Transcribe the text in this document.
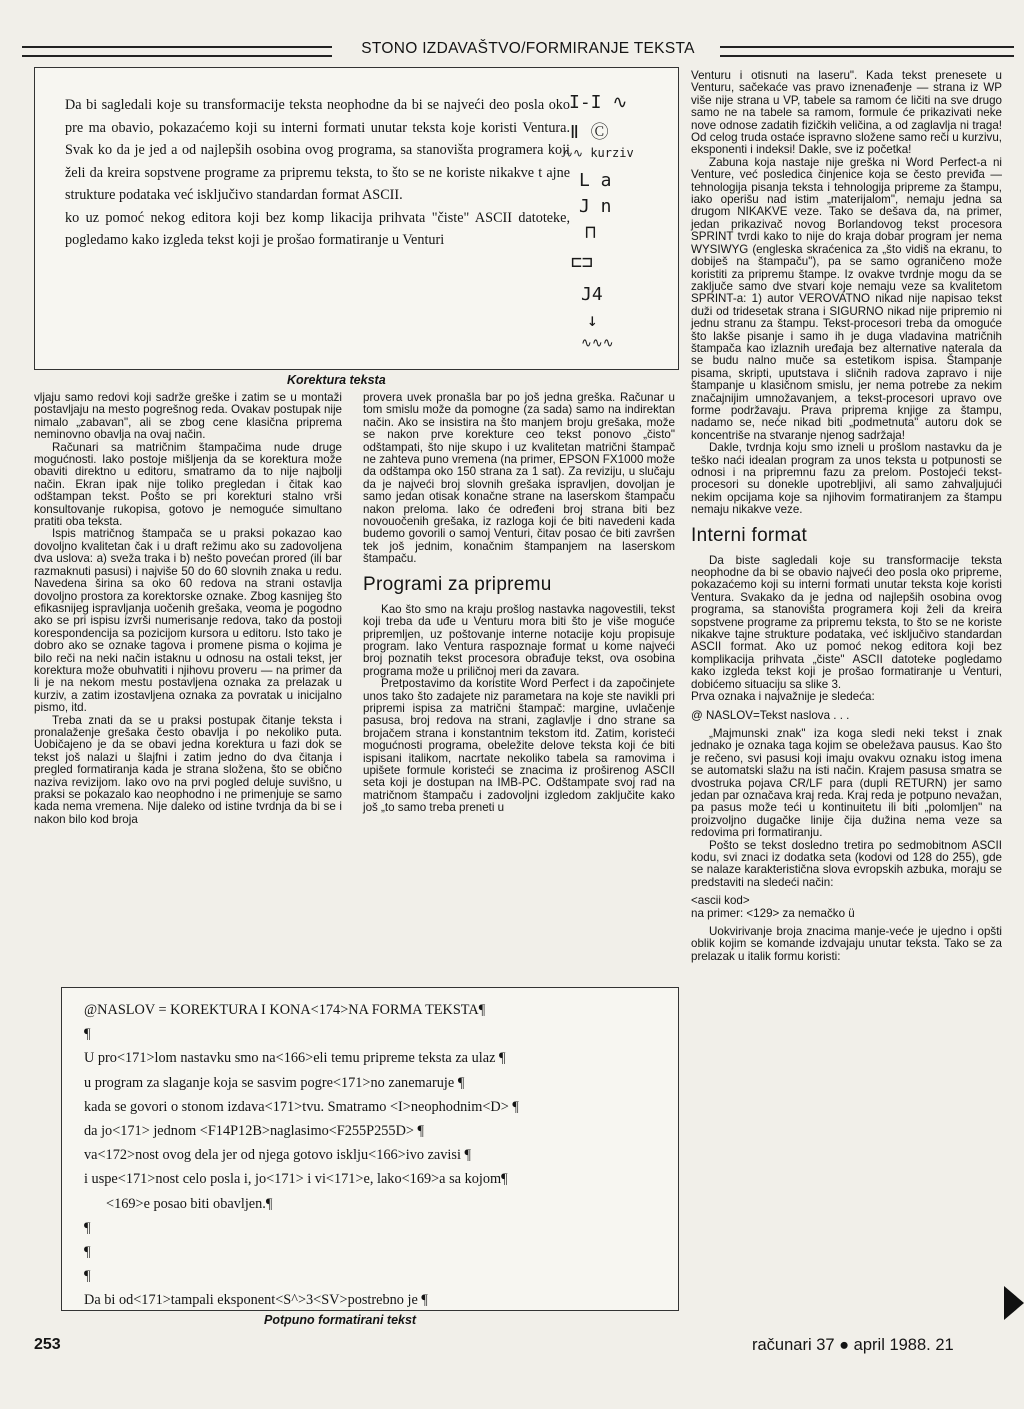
STONO IZDAVAŠTVO/FORMIRANJE TEKSTA

Da bi sagledali koje su transformacije teksta neophodne da bi se najveći deo posla oko pre ma obavio, pokazaćemo koji su interni formati unutar teksta koje koristi Ventura. Svak ko da je jed a od najlepših osobina ovog programa, sa stanovišta programera koji želi da kreira sopstvene programe za pripremu teksta, to što se ne koriste nikakve t ajne strukture podataka već isključivo standardan format ASCII.

ko uz pomoć nekog editora koji bez komp likacija prihvata "čiste" ASCII datoteke, pogledamo kako izgleda tekst koji je prošao formatiranje u Venturi

I-I ∿
ǁ Ⓒ
∿∿ kurziv
L a
J n
⊓
⊏⊐
J4
↓
∿∿∿
Korektura teksta

vljaju samo redovi koji sadrže greške i zatim se u montaži postavljaju na mesto pogrešnog reda. Ovakav postupak nije nimalo „zabavan", ali se zbog cene klasična priprema neminovno obavlja na ovaj način.

Računari sa matričnim štampačima nude druge mogućnosti. Iako postoje mišljenja da se korektura može obaviti direktno u editoru, smatramo da to nije najbolji način. Ekran ipak nije toliko pregledan i čitak kao odštampan tekst. Pošto se pri korekturi stalno vrši konsultovanje rukopisa, gotovo je nemoguće simultano pratiti oba teksta.

Ispis matričnog štampača se u praksi pokazao kao dovoljno kvalitetan čak i u draft režimu ako su zadovoljena dva uslova: a) sveža traka i b) nešto povećan prored (ili bar razmaknuti pasusi) i najviše 50 do 60 slovnih znaka u redu. Navedena širina sa oko 60 redova na strani ostavlja dovoljno prostora za korektorske oznake. Zbog kasnijeg što efikasnijeg ispravljanja uočenih grešaka, veoma je pogodno ako se pri ispisu izvrši numerisanje redova, tako da postoji korespondencija sa pozicijom kursora u editoru. Isto tako je dobro ako se oznake tagova i promene pisma o kojima je bilo reči na neki način istaknu u odnosu na ostali tekst, jer korektura može obuhvatiti i njihovu proveru — na primer da li je na nekom mestu postavljena oznaka za prelazak u kurziv, a zatim izostavljena oznaka za povratak u inicijalno pismo, itd.

Treba znati da se u praksi postupak čitanje teksta i pronalaženje grešaka često obavlja i po nekoliko puta. Uobičajeno je da se obavi jedna korektura u fazi dok se tekst još nalazi u šlajfni i zatim jedno do dva čitanja i pregled formatiranja kada je strana složena, što se obično naziva revizijom. Iako ovo na prvi pogled deluje suvišno, u praksi se pokazalo kao neophodno i ne primenjuje se samo kada nema vremena. Nije daleko od istine tvrdnja da bi se i nakon bilo kod broja

provera uvek pronašla bar po još jedna greška. Računar u tom smislu može da pomogne (za sada) samo na indirektan način. Ako se insistira na što manjem broju grešaka, može se nakon prve korekture ceo tekst ponovo „čisto" odštampati, što nije skupo i uz kvalitetan matrični štampač ne zahteva puno vremena (na primer, EPSON FX1000 može da odštampa oko 150 strana za 1 sat). Za reviziju, u slučaju da je najveći broj slovnih grešaka ispravljen, dovoljan je samo jedan otisak konačne strane na laserskom štampaču nakon preloma. Iako će određeni broj strana biti bez novouočenih grešaka, iz razloga koji će biti navedeni kada budemo govorili o samoj Venturi, čitav posao će biti završen tek još jednim, konačnim štampanjem na laserskom štampaču.

Programi za pripremu

Kao što smo na kraju prošlog nastavka nagovestili, tekst koji treba da uđe u Venturu mora biti što je više moguće pripremljen, uz poštovanje interne notacije koju propisuje program. Iako Ventura raspoznaje format u kome najveći broj poznatih tekst procesora obrađuje tekst, ova osobina programa može u priličnoj meri da zavara.

Pretpostavimo da koristite Word Perfect i da započinjete unos tako što zadajete niz parametara na koje ste navikli pri pripremi ispisa za matrični štampač: margine, uvlačenje pasusa, broj redova na strani, zaglavlje i dno strane sa brojačem strana i konstantnim tekstom itd. Zatim, koristeći mogućnosti programa, obeležite delove teksta koji će biti ispisani italikom, nacrtate nekoliko tabela sa ramovima i upišete formule koristeći se znacima iz proširenog ASCII seta koji je dostupan na IMB-PC. Odštampate svoj rad na matričnom štampaču i zadovoljni izgledom zaključite kako još „to samo treba preneti u

Venturu i otisnuti na laseru". Kada tekst prenesete u Venturu, sačekaće vas pravo iznenađenje — strana iz WP više nije strana u VP, tabele sa ramom će ličiti na sve drugo samo ne na tabele sa ramom, formule će prikazivati neke nove odnose zadatih fizičkih veličina, a od zaglavlja ni traga! Od celog truda ostaće ispravno složene samo reči u kurzivu, eksponenti i indeksi! Dakle, sve iz početka!

Zabuna koja nastaje nije greška ni Word Perfect-a ni Venture, već posledica činjenice koja se često previđa — tehnologija pisanja teksta i tehnologija pripreme za štampu, iako operišu nad istim „materijalom", nemaju jedna sa drugom NIKAKVE veze. Tako se dešava da, na primer, jedan prikazivač novog Borlandovog tekst procesora SPRINT tvrdi kako to nije do kraja dobar program jer nema WYSIWYG (engleska skraćenica za „što vidiš na ekranu, to dobiješ na štampaču"), pa se samo ograničeno može koristiti za pripremu štampe. Iz ovakve tvrdnje mogu da se zaključe samo dve stvari koje nemaju veze sa kvalitetom SPRINT-a: 1) autor VEROVATNO nikad nije napisao tekst duži od tridesetak strana i SIGURNO nikad nije pripremio ni jednu stranu za štampu. Tekst-procesori treba da omoguće što lakše pisanje i samo ih je duga vladavina matričnih štampača kao izlaznih uređaja bez alternative naterala da se budu nalno muče sa estetikom ispisa. Štampanje pisama, skripti, uputstava i sličnih radova zapravo i nije štampanje u klasičnom smislu, jer nema potrebe za nekim značajnijim umnožavanjem, a tekst-procesori upravo ove forme podržavaju. Prava priprema knjige za štampu, nadamo se, neće nikad biti „podmetnuta" autoru dok se koncentriše na stvaranje njenog sadržaja!

Dakle, tvrdnja koju smo izneli u prošlom nastavku da je teško naći idealan program za unos teksta u potpunosti se odnosi i na pripremnu fazu za prelom. Postojeći tekst-procesori su donekle upotrebljivi, ali samo zahvaljujući nekim opcijama koje sa njihovim formatiranjem za štampu nemaju nikakve veze.

Interni format

Da biste sagledali koje su transformacije teksta neophodne da bi se obavio najveći deo posla oko pripreme, pokazaćemo koji su interni formati unutar teksta koje koristi Ventura. Svakako da je jedna od najlepših osobina ovog programa, sa stanovišta programera koji želi da kreira sopstvene programe za pripremu teksta, to što se ne koriste nikakve tajne strukture podataka, već isključivo standardan ASCII format. Ako uz pomoć nekog editora koji bez komplikacija prihvata „čiste" ASCII datoteke pogledamo kako izgleda tekst koji je prošao formatiranje u Venturi, dobićemo situaciju sa slike 3.

Prva oznaka i najvažnije je sledeća:

@ NASLOV=Tekst naslova . . .

„Majmunski znak" iza koga sledi neki tekst i znak jednako je oznaka taga kojim se obeležava pausus. Kao što je rečeno, svi pasusi koji imaju ovakvu oznaku istog imena se automatski slažu na isti način. Krajem pasusa smatra se dvostruka pojava CR/LF para (dupli RETURN) jer samo jedan par označava kraj reda. Kraj reda je potpuno nevažan, pa pasus može teći u kontinuitetu ili biti „polomljen" na proizvoljno dugačke linije čija dužina nema veze sa redovima pri formatiranju.

Pošto se tekst dosledno tretira po sedmobitnom ASCII kodu, svi znaci iz dodatka seta (kodovi od 128 do 255), gde se nalaze karakteristična slova evropskih azbuka, moraju se predstaviti na sledeći način:

<ascii kod>

na primer: <129> za nemačko ü

Uokvirivanje broja znacima manje-veće je ujedno i opšti oblik kojim se komande izdvajaju unutar teksta. Tako se za prelazak u italik formu koristi:

@NASLOV = KOREKTURA I KONA<174>NA FORMA TEKSTA¶
¶
U pro<171>lom nastavku smo na<166>eli temu pripreme teksta za ulaz ¶
u program za slaganje koja se sasvim pogre<171>no zanemaruje ¶
kada se govori o stonom izdava<171>tvu. Smatramo <I>neophodnim<D> ¶
da jo<171> jednom <F14P12B>naglasimo<F255P255D> ¶
va<172>nost ovog dela jer od njega gotovo isklju<166>ivo zavisi ¶
i uspe<171>nost celo posla i, jo<171> i vi<171>e, lako<169>a sa kojom¶
<169>e posao biti obavljen.¶
¶
¶
¶
Da bi od<171>tampali eksponent<S^>3<SV>postrebno je ¶
Potpuno formatirani tekst
253	računari 37 ● april 1988. 21
